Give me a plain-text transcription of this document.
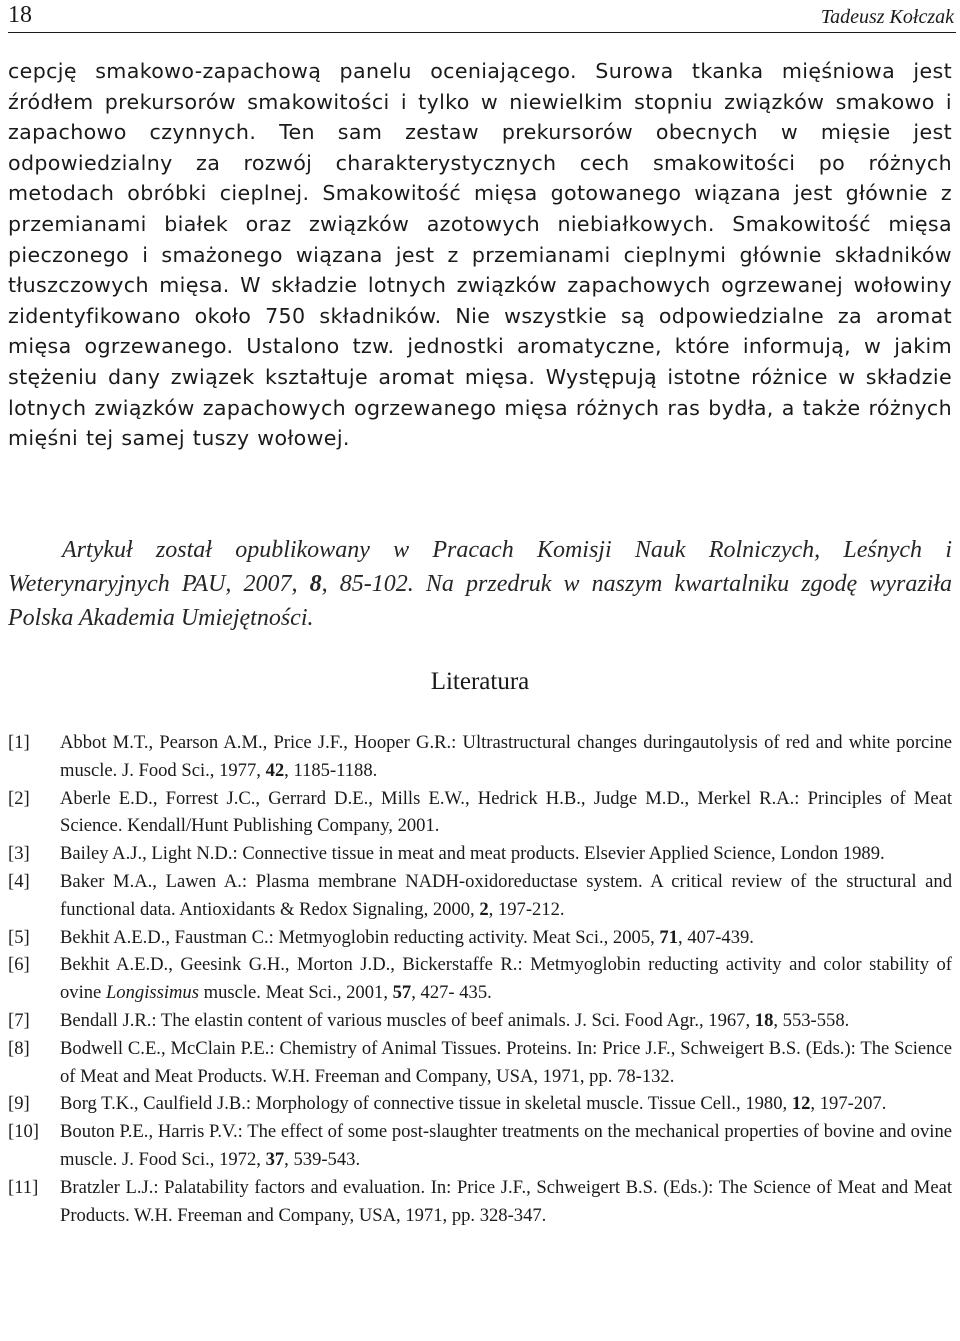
18	Tadeusz Kołczak

cepcję smakowo-zapachową panelu oceniającego. Surowa tkanka mięśniowa jest źródłem prekursorów smakowitości i tylko w niewielkim stopniu związków smakowo i zapachowo czynnych. Ten sam zestaw prekursorów obecnych w mięsie jest odpowiedzialny za rozwój charakterystycznych cech smakowitości po różnych metodach obróbki cieplnej. Smakowitość mięsa gotowanego wiązana jest głównie z przemianami białek oraz związków azotowych niebiałkowych. Smakowitość mięsa pieczonego i smażonego wiązana jest z przemianami cieplnymi głównie składników tłuszczowych mięsa. W składzie lotnych związków zapachowych ogrzewanej wołowiny zidentyfikowano około 750 składników. Nie wszystkie są odpowiedzialne za aromat mięsa ogrzewanego. Ustalono tzw. jednostki aromatyczne, które informują, w jakim stężeniu dany związek kształtuje aromat mięsa. Występują istotne różnice w składzie lotnych związków zapachowych ogrzewanego mięsa różnych ras bydła, a także różnych mięśni tej samej tuszy wołowej.

Artykuł został opublikowany w Pracach Komisji Nauk Rolniczych, Leśnych i Weterynaryjnych PAU, 2007, 8, 85-102. Na przedruk w naszym kwartalniku zgodę wyraziła Polska Akademia Umiejętności.

Literatura
[1]	Abbot M.T., Pearson A.M., Price J.F., Hooper G.R.: Ultrastructural changes duringautolysis of red and white porcine muscle. J. Food Sci., 1977, 42, 1185-1188.
[2]	Aberle E.D., Forrest J.C., Gerrard D.E., Mills E.W., Hedrick H.B., Judge M.D., Merkel R.A.: Principles of Meat Science. Kendall/Hunt Publishing Company, 2001.
[3]	Bailey A.J., Light N.D.: Connective tissue in meat and meat products. Elsevier Applied Science, London 1989.
[4]	Baker M.A., Lawen A.: Plasma membrane NADH-oxidoreductase system. A critical review of the structural and functional data. Antioxidants & Redox Signaling, 2000, 2, 197-212.
[5]	Bekhit A.E.D., Faustman C.: Metmyoglobin reducting activity. Meat Sci., 2005, 71, 407-439.
[6]	Bekhit A.E.D., Geesink G.H., Morton J.D., Bickerstaffe R.: Metmyoglobin reducting activity and color stability of ovine Longissimus muscle. Meat Sci., 2001, 57, 427- 435.
[7]	Bendall J.R.: The elastin content of various muscles of beef animals. J. Sci. Food Agr., 1967, 18, 553-558.
[8]	Bodwell C.E., McClain P.E.: Chemistry of Animal Tissues. Proteins. In: Price J.F., Schweigert B.S. (Eds.): The Science of Meat and Meat Products. W.H. Freeman and Company, USA, 1971, pp. 78-132.
[9]	Borg T.K., Caulfield J.B.: Morphology of connective tissue in skeletal muscle. Tissue Cell., 1980, 12, 197-207.
[10]	Bouton P.E., Harris P.V.: The effect of some post-slaughter treatments on the mechanical properties of bovine and ovine muscle. J. Food Sci., 1972, 37, 539-543.
[11]	Bratzler L.J.: Palatability factors and evaluation. In: Price J.F., Schweigert B.S. (Eds.): The Science of Meat and Meat Products. W.H. Freeman and Company, USA, 1971, pp. 328-347.
